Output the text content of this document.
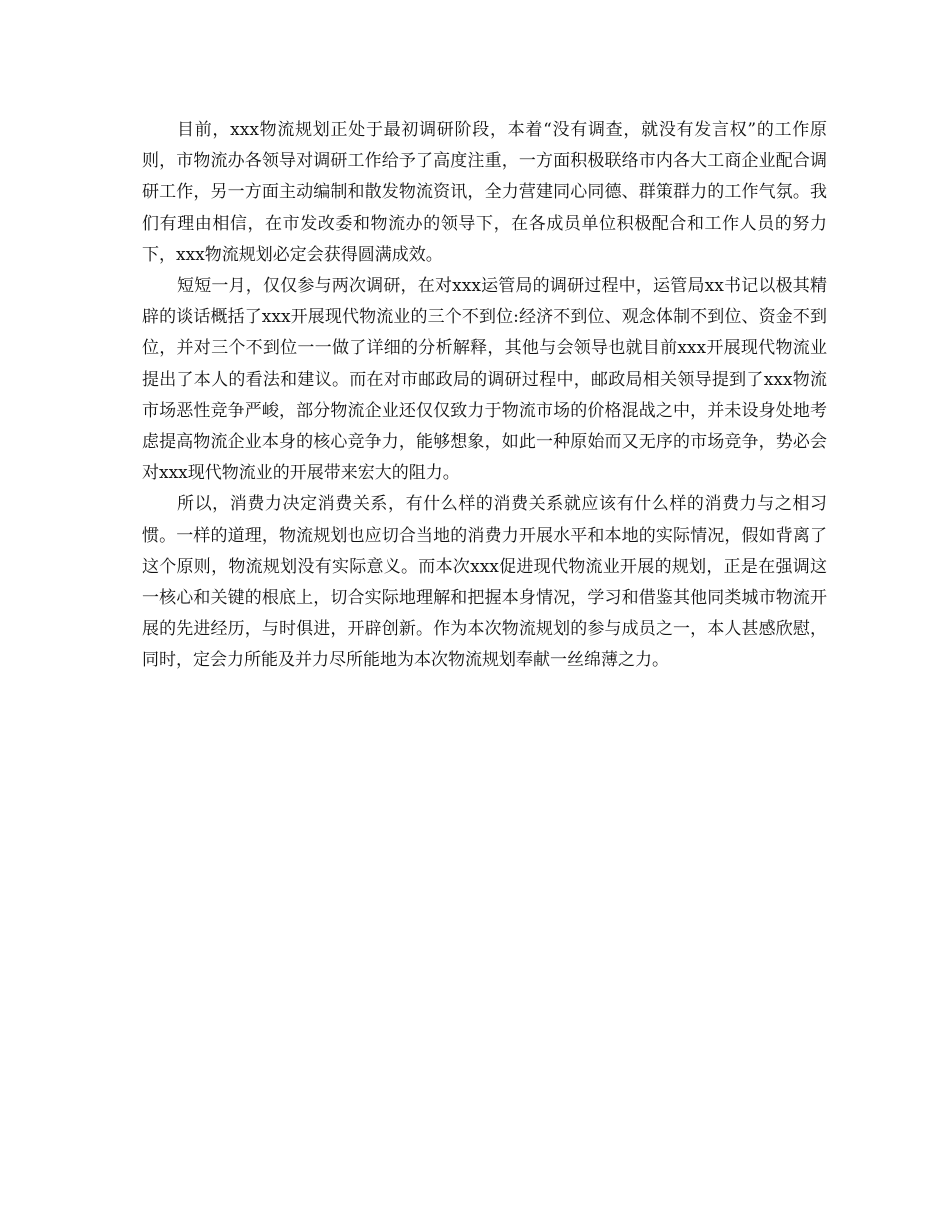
目前，xxx物流规划正处于最初调研阶段，本着“没有调查，就没有发言权”的工作原则，市物流办各领导对调研工作给予了高度注重，一方面积极联络市内各大工商企业配合调研工作，另一方面主动编制和散发物流资讯，全力营建同心同德、群策群力的工作气氛。我们有理由相信，在市发改委和物流办的领导下，在各成员单位积极配合和工作人员的努力下，xxx物流规划必定会获得圆满成效。

短短一月，仅仅参与两次调研，在对xxx运管局的调研过程中，运管局xx书记以极其精辟的谈话概括了xxx开展现代物流业的三个不到位:经济不到位、观念体制不到位、资金不到位，并对三个不到位一一做了详细的分析解释，其他与会领导也就目前xxx开展现代物流业提出了本人的看法和建议。而在对市邮政局的调研过程中，邮政局相关领导提到了xxx物流市场恶性竞争严峻，部分物流企业还仅仅致力于物流市场的价格混战之中，并未设身处地考虑提高物流企业本身的核心竞争力，能够想象，如此一种原始而又无序的市场竞争，势必会对xxx现代物流业的开展带来宏大的阻力。

所以，消费力决定消费关系，有什么样的消费关系就应该有什么样的消费力与之相习惯。一样的道理，物流规划也应切合当地的消费力开展水平和本地的实际情况，假如背离了这个原则，物流规划没有实际意义。而本次xxx促进现代物流业开展的规划，正是在强调这一核心和关键的根底上，切合实际地理解和把握本身情况，学习和借鉴其他同类城市物流开展的先进经历，与时俱进，开辟创新。作为本次物流规划的参与成员之一，本人甚感欣慰，同时，定会力所能及并力尽所能地为本次物流规划奉献一丝绵薄之力。
